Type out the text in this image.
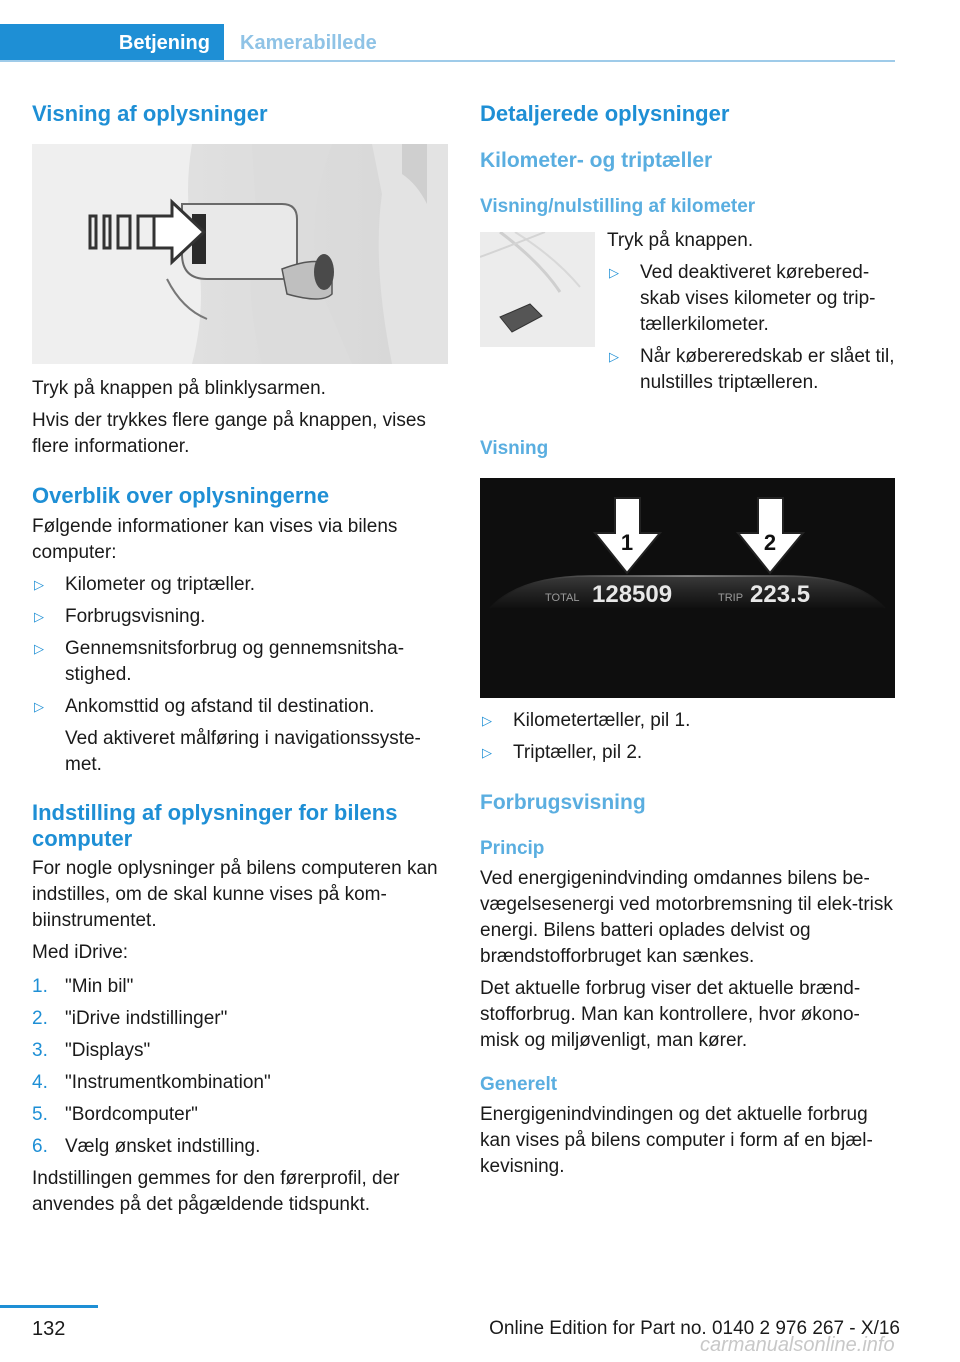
Betjening	Kamerabillede
Visning af oplysninger

Tryk på knappen på blinklysarmen.

Hvis der trykkes flere gange på knappen, vises flere informationer.

Overblik over oplysningerne

Følgende informationer kan vises via bilens computer:

▷ Kilometer og triptæller.
▷ Forbrugsvisning.
▷ Gennemsnitsforbrug og gennemsnitsha-stighed.
▷ Ankomsttid og afstand til destination.

Ved aktiveret målføring i navigationssyste-met.

Indstilling af oplysninger for bilens computer

For nogle oplysninger på bilens computeren kan indstilles, om de skal kunne vises på kom-biinstrumentet.

Med iDrive:

1. "Min bil"
2. "iDrive indstillinger"
3. "Displays"
4. "Instrumentkombination"
5. "Bordcomputer"
6. Vælg ønsket indstilling.

Indstillingen gemmes for den førerprofil, der anvendes på det pågældende tidspunkt.

Detaljerede oplysninger
Kilometer- og triptæller
Visning/nulstilling af kilometer

Tryk på knappen.

▷ Ved deaktiveret kørebered-skab vises kilometer og trip-tællerkilometer.
▷ Når købereredskab er slået til, nulstilles triptælleren.
Visning
1	2
TOTAL 128509	TRIP 223.5
▷ Kilometertæller, pil 1.
▷ Triptæller, pil 2.
Forbrugsvisning
Princip

Ved energigenindvinding omdannes bilens be-vægelsesenergi ved motorbremsning til elek-trisk energi. Bilens batteri oplades delvist og brændstofforbruget kan sænkes.

Det aktuelle forbrug viser det aktuelle brænd-stofforbrug. Man kan kontrollere, hvor økono-misk og miljøvenligt, man kører.

Generelt

Energigenindvindingen og det aktuelle forbrug kan vises på bilens computer i form af en bjæl-kevisning.

132	Online Edition for Part no. 0140 2 976 267 - X/16
carmanualsonline.info
